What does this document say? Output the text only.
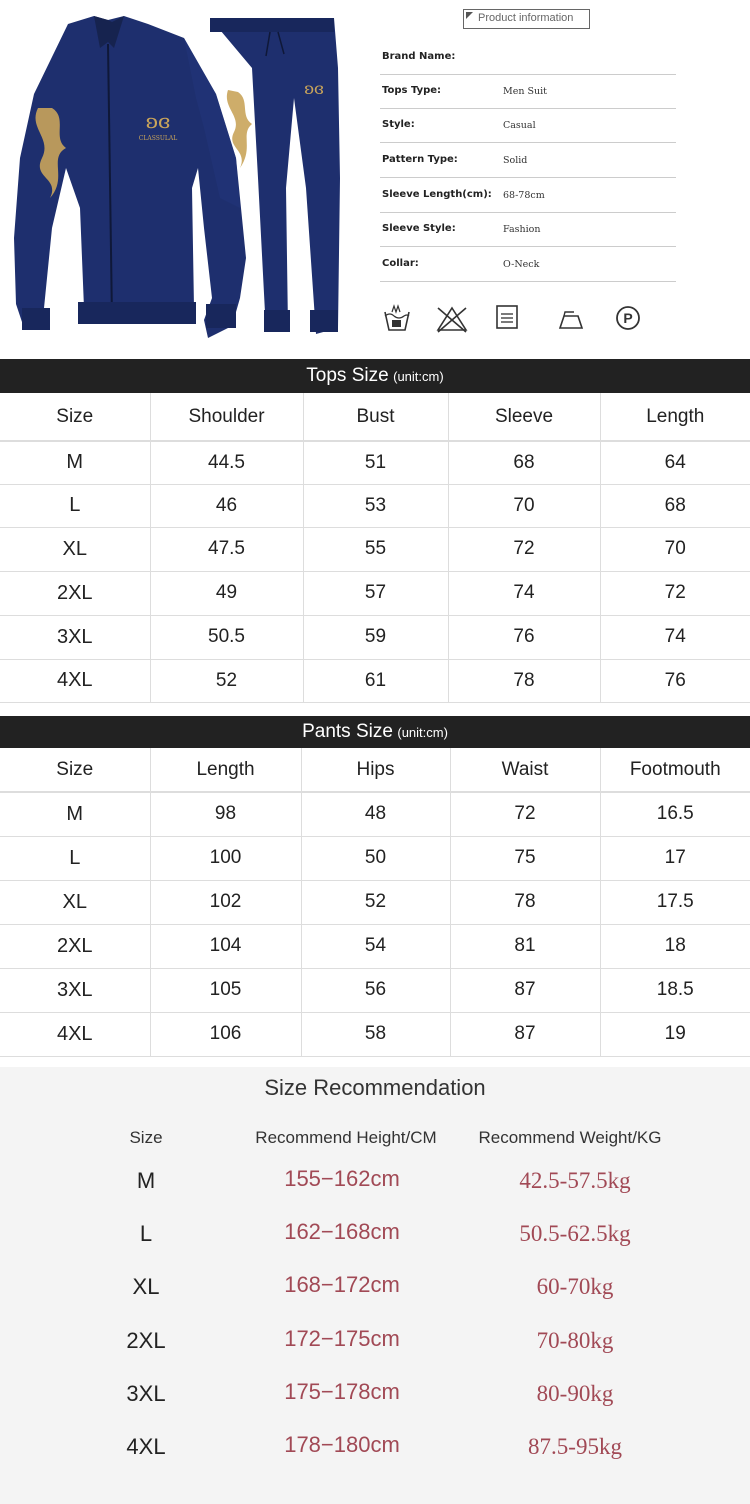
ʚɞ
CLASSULAL
ʚɞ
Product information
Brand Name:
Tops Type:	Men Suit
Style:	Casual
Pattern Type:	Solid
Sleeve Length(cm): 68-78cm
Sleeve Style:	Fashion
Collar:	O-Neck
P
Tops Size (unit:cm)
Size	Shoulder	Bust	Sleeve	Length
M	44.5	51	68	64
L	46	53	70	68
XL	47.5	55	72	70
2XL	49	57	74	72
3XL	50.5	59	76	74
4XL	52	61	78	76
Pants Size (unit:cm)
Size	Length	Hips	Waist	Footmouth
M	98	48	72	16.5
L	100	50	75	17
XL	102	52	78	17.5
2XL	104	54	81	18
3XL	105	56	87	18.5
4XL	106	58	87	19
Size Recommendation
Size	Recommend Height/CM	Recommend Weight/KG
M	155−162cm	42.5-57.5kg
L	162−168cm	50.5-62.5kg
XL	168−172cm	60-70kg
2XL	172−175cm	70-80kg
3XL	175−178cm	80-90kg
4XL	178−180cm	87.5-95kg
